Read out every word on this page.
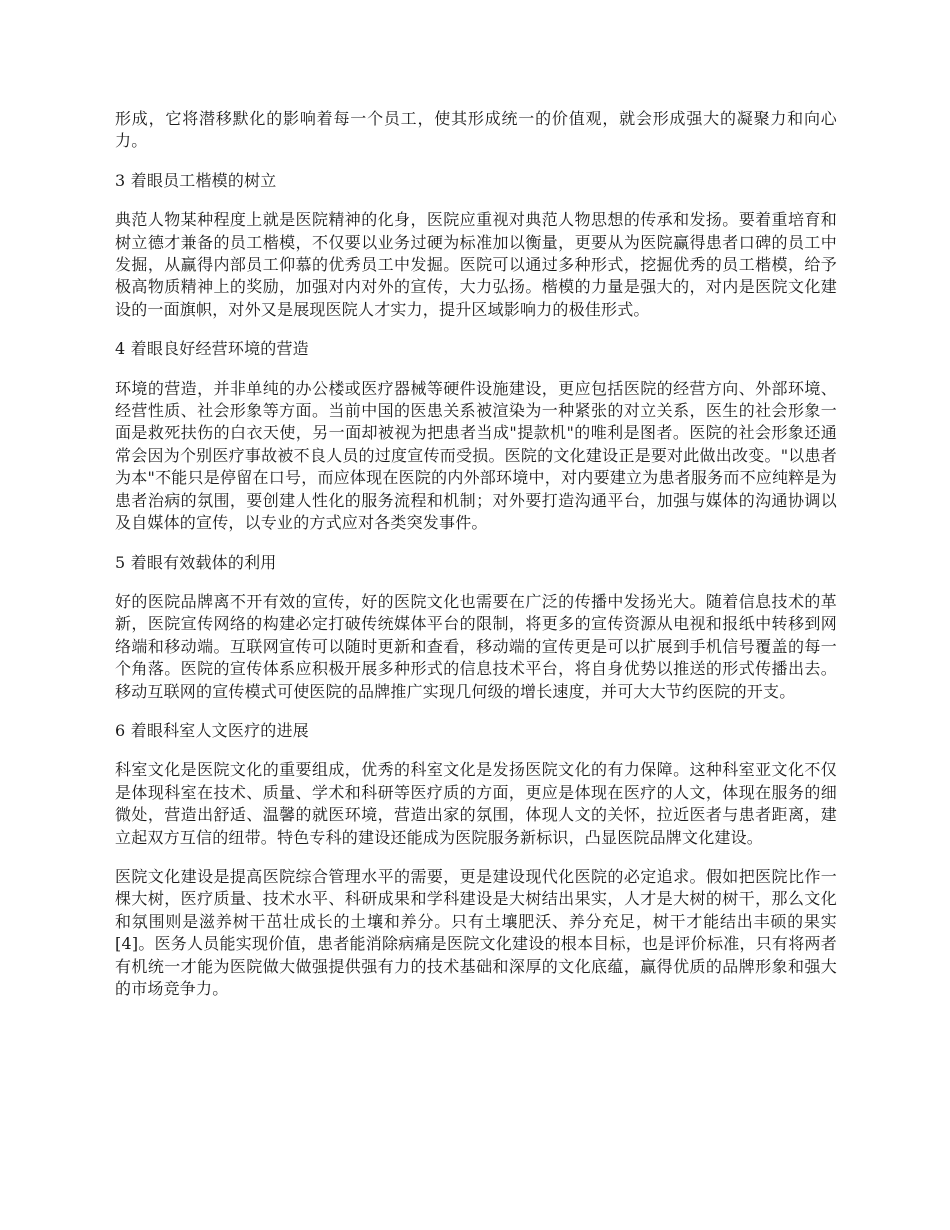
形成，它将潜移默化的影响着每一个员工，使其形成统一的价值观，就会形成强大的凝聚力和向心力。

3 着眼员工楷模的树立

典范人物某种程度上就是医院精神的化身，医院应重视对典范人物思想的传承和发扬。要着重培育和树立德才兼备的员工楷模，不仅要以业务过硬为标准加以衡量，更要从为医院赢得患者口碑的员工中发掘，从赢得内部员工仰慕的优秀员工中发掘。医院可以通过多种形式，挖掘优秀的员工楷模，给予极高物质精神上的奖励，加强对内对外的宣传，大力弘扬。楷模的力量是强大的，对内是医院文化建设的一面旗帜，对外又是展现医院人才实力，提升区域影响力的极佳形式。

4 着眼良好经营环境的营造

环境的营造，并非单纯的办公楼或医疗器械等硬件设施建设，更应包括医院的经营方向、外部环境、经营性质、社会形象等方面。当前中国的医患关系被渲染为一种紧张的对立关系，医生的社会形象一面是救死扶伤的白衣天使，另一面却被视为把患者当成"提款机"的唯利是图者。医院的社会形象还通常会因为个别医疗事故被不良人员的过度宣传而受损。医院的文化建设正是要对此做出改变。"以患者为本"不能只是停留在口号，而应体现在医院的内外部环境中，对内要建立为患者服务而不应纯粹是为患者治病的氛围，要创建人性化的服务流程和机制；对外要打造沟通平台，加强与媒体的沟通协调以及自媒体的宣传，以专业的方式应对各类突发事件。

5 着眼有效载体的利用

好的医院品牌离不开有效的宣传，好的医院文化也需要在广泛的传播中发扬光大。随着信息技术的革新，医院宣传网络的构建必定打破传统媒体平台的限制，将更多的宣传资源从电视和报纸中转移到网络端和移动端。互联网宣传可以随时更新和查看，移动端的宣传更是可以扩展到手机信号覆盖的每一个角落。医院的宣传体系应积极开展多种形式的信息技术平台，将自身优势以推送的形式传播出去。移动互联网的宣传模式可使医院的品牌推广实现几何级的增长速度，并可大大节约医院的开支。

6 着眼科室人文医疗的进展

科室文化是医院文化的重要组成，优秀的科室文化是发扬医院文化的有力保障。这种科室亚文化不仅是体现科室在技术、质量、学术和科研等医疗质的方面，更应是体现在医疗的人文，体现在服务的细微处，营造出舒适、温馨的就医环境，营造出家的氛围，体现人文的关怀，拉近医者与患者距离，建立起双方互信的纽带。特色专科的建设还能成为医院服务新标识，凸显医院品牌文化建设。

医院文化建设是提高医院综合管理水平的需要，更是建设现代化医院的必定追求。假如把医院比作一棵大树，医疗质量、技术水平、科研成果和学科建设是大树结出果实，人才是大树的树干，那么文化和氛围则是滋养树干茁壮成长的土壤和养分。只有土壤肥沃、养分充足，树干才能结出丰硕的果实[4]。医务人员能实现价值，患者能消除病痛是医院文化建设的根本目标，也是评价标准，只有将两者有机统一才能为医院做大做强提供强有力的技术基础和深厚的文化底蕴，赢得优质的品牌形象和强大的市场竞争力。
